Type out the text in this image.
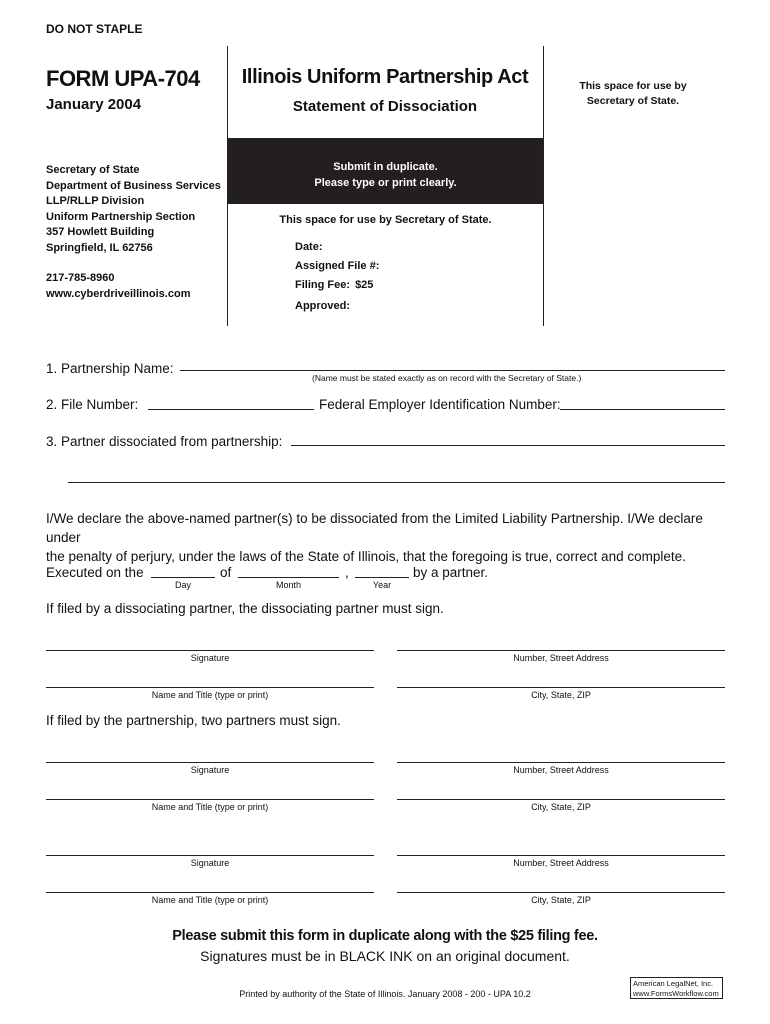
DO NOT STAPLE
FORM UPA-704
January 2004
Illinois Uniform Partnership Act
Statement of Dissociation
This space for use by
Secretary of State.
Secretary of State
Department of Business Services
LLP/RLLP Division
Uniform Partnership Section
357 Howlett Building
Springfield, IL 62756
217-785-8960
www.cyberdriveillinois.com
Submit in duplicate.
Please type or print clearly.
This space for use by Secretary of State.
Date:
Assigned File #:
Filing Fee: $25
Approved:
1. Partnership Name:
(Name must be stated exactly as on record with the Secretary of State.)
2. File Number:	Federal Employer Identification Number:
3. Partner dissociated from partnership:
I/We declare the above-named partner(s) to be dissociated from the Limited Liability Partnership. I/We declare under
the penalty of perjury, under the laws of the State of Illinois, that the foregoing is true, correct and complete.
Executed on the
Day
of
Month
,
Year
by a partner.
If filed by a dissociating partner, the dissociating partner must sign.
Signature	Number, Street Address
Name and Title (type or print)	City, State, ZIP
If filed by the partnership, two partners must sign.
Signature	Number, Street Address
Name and Title (type or print)	City, State, ZIP
Signature	Number, Street Address
Name and Title (type or print)	City, State, ZIP
Please submit this form in duplicate along with the $25 filing fee.
Signatures must be in BLACK INK on an original document.
Printed by authority of the State of Illinois. January 2008 - 200 - UPA 10.2
American LegalNet, Inc.
www.FormsWorkflow.com
